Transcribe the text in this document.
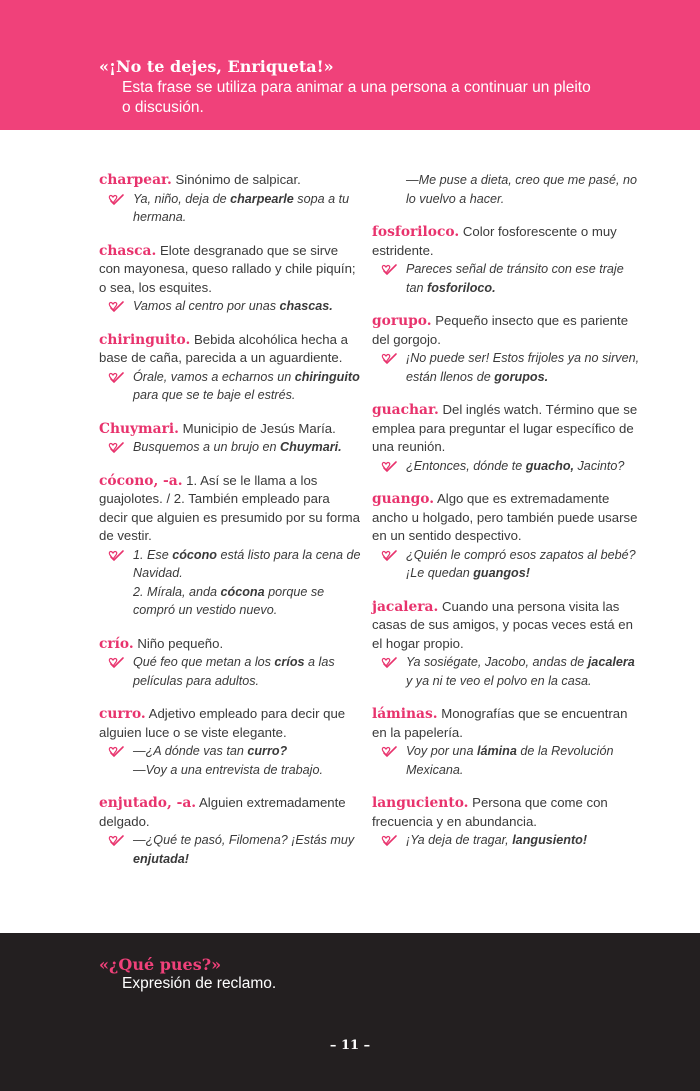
«¡No te dejes, Enriqueta!»
Esta frase se utiliza para animar a una persona a continuar un pleito o discusión.

charpear. Sinónimo de salpicar.

Ya, niño, deja de charpearle sopa a tu hermana.

chasca. Elote desgranado que se sirve con mayonesa, queso rallado y chile piquín; o sea, los esquites.

Vamos al centro por unas chascas.

chiringuito. Bebida alcohólica hecha a base de caña, parecida a un aguardiente.

Órale, vamos a echarnos un chiringuito para que se te baje el estrés.

Chuymari. Municipio de Jesús María.

Busquemos a un brujo en Chuymari.

cócono, -a. 1. Así se le llama a los guajolotes. / 2. También empleado para decir que alguien es presumido por su forma de vestir.

1. Ese cócono está listo para la cena de Navidad.
2. Mírala, anda cócona porque se compró un vestido nuevo.

crío. Niño pequeño.

Qué feo que metan a los críos a las películas para adultos.

curro. Adjetivo empleado para decir que alguien luce o se viste elegante.

—¿A dónde vas tan curro?
—Voy a una entrevista de trabajo.

enjutado, -a. Alguien extremadamente delgado.

—¿Qué te pasó, Filomena? ¡Estás muy enjutada!
—Me puse a dieta, creo que me pasé, no lo vuelvo a hacer.

fosforiloco. Color fosforescente o muy estridente.

Pareces señal de tránsito con ese traje tan fosforiloco.

gorupo. Pequeño insecto que es pariente del gorgojo.

¡No puede ser! Estos frijoles ya no sirven, están llenos de gorupos.

guachar. Del inglés watch. Término que se emplea para preguntar el lugar específico de una reunión.

¿Entonces, dónde te guacho, Jacinto?

guango. Algo que es extremadamente ancho u holgado, pero también puede usarse en un sentido despectivo.

¿Quién le compró esos zapatos al bebé? ¡Le quedan guangos!

jacalera. Cuando una persona visita las casas de sus amigos, y pocas veces está en el hogar propio.

Ya sosiégate, Jacobo, andas de jacalera y ya ni te veo el polvo en la casa.

láminas. Monografías que se encuentran en la papelería.

Voy por una lámina de la Revolución Mexicana.

languciento. Persona que come con frecuencia y en abundancia.

¡Ya deja de tragar, langusiento!
«¿Qué pues?»
Expresión de reclamo.
– 11 –
